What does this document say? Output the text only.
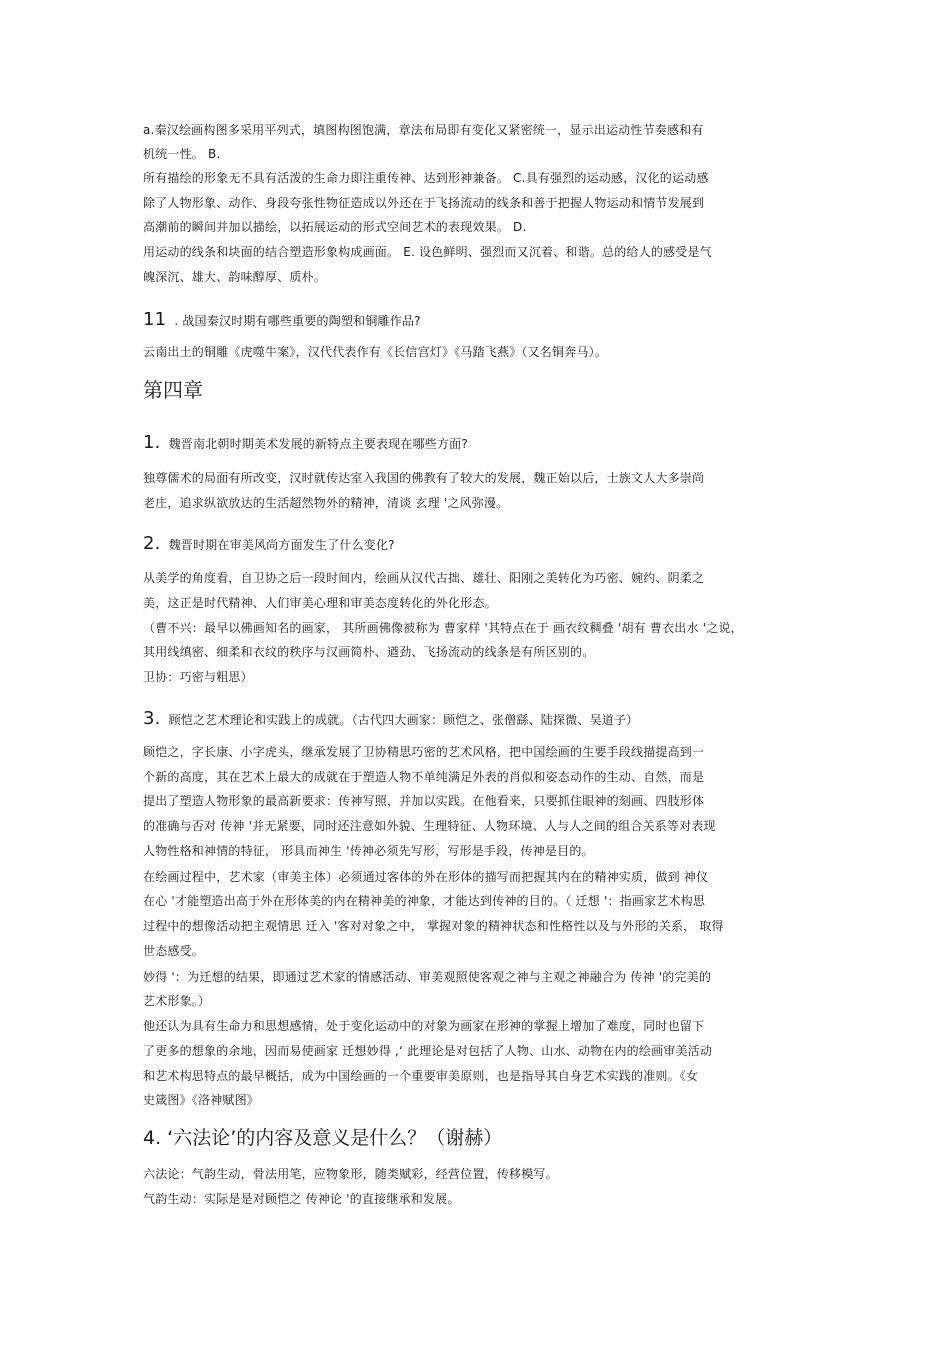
a.秦汉绘画构图多采用平列式，填图构图饱满，章法布局即有变化又紧密统一，显示出运动性节奏感和有
机统一性。 B.
所有描绘的形象无不具有活泼的生命力即注重传神、达到形神兼备。 C.具有强烈的运动感，汉化的运动感
除了人物形象、动作、身段夸张性物征造成以外还在于飞扬流动的线条和善于把握人物运动和情节发展到
高潮前的瞬间并加以描绘，以拓展运动的形式空间艺术的表现效果。 D.
用运动的线条和块面的结合塑造形象构成画面。 E. 设色鲜明、强烈而又沉着、和谐。总的给人的感受是气
魄深沉、雄大、韵味醇厚、质朴。
11 . 战国秦汉时期有哪些重要的陶塑和铜雕作品?
云南出土的铜雕《虎噬牛案》，汉代代表作有《长信宫灯》《马踏飞燕》（又名铜奔马）。
第四章
1. 魏晋南北朝时期美术发展的新特点主要表现在哪些方面?
独尊儒术的局面有所改变，汉时就传达室入我国的佛教有了较大的发展，魏正始以后，士族文人大多崇尚
老庄，追求纵欲放达的生活超然物外的精神，清谈 玄理 '之风弥漫。
2. 魏晋时期在审美风尚方面发生了什么变化?
从美学的角度看，自卫协之后一段时间内，绘画从汉代古拙、雄壮、阳刚之美转化为巧密、婉约、阴柔之
美，这正是时代精神、人们审美心理和审美态度转化的外化形态。
（曹不兴：最早以佛画知名的画家， 其所画佛像被称为 曹家样 '其特点在于 画衣纹稠叠 '胡有 曹衣出水 '之说，
其用线缜密、细柔和衣纹的秩序与汉画简朴、遒劲、飞扬流动的线条是有所区别的。
卫协：巧密与粗思）
3. 顾恺之艺术理论和实践上的成就。（古代四大画家：顾恺之、张僧繇、陆探微、吴道子）
顾恺之，字长康、小字虎头，继承发展了卫协精思巧密的艺术风格，把中国绘画的生要手段线描提高到一
个新的高度，其在艺术上最大的成就在于塑造人物不单纯满足外表的肖似和姿态动作的生动、自然，而是
提出了塑造人物形象的最高新要求：传神写照，并加以实践。在他看来，只要抓住眼神的刻画、四肢形体
的准确与否对 传神 '并无紧要，同时还注意如外貌、生理特征、人物环境、人与人之间的组合关系等对表现
人物性格和神情的特征， 形具而神生 '传神必须先写形，写形是手段，传神是目的。
在绘画过程中，艺术家（审美主体）必须通过客体的外在形体的描写而把握其内在的精神实质，做到 神仪
在心 '才能塑造出高于外在形体美的内在精神美的神象，才能达到传神的目的。（ 迁想 '：指画家艺术构思
过程中的想像活动把主观情思 迁入 '客对对象之中， 掌握对象的精神状态和性格性以及与外形的关系， 取得
世态感受。
妙得 '：为迁想的结果，即通过艺术家的情感活动、审美观照使客观之神与主观之神融合为 传神 '的完美的
艺术形象。）
他还认为具有生命力和思想感情，处于变化运动中的对象为画家在形神的掌握上增加了难度，同时也留下
了更多的想象的余地，因而易使画家 迁想妙得 ,‘ 此理论是对包括了人物、山水、动物在内的绘画审美活动
和艺术构思特点的最早概括，成为中国绘画的一个重要审美原则，也是指导其自身艺术实践的准则。《女
史箴图》《洛神赋图》
4. ‘六法论’的内容及意义是什么？（谢赫）
六法论：气韵生动，骨法用笔，应物象形，随类赋彩，经营位置，传移模写。
气韵生动：实际是是对顾恺之 传神论 '的直接继承和发展。
